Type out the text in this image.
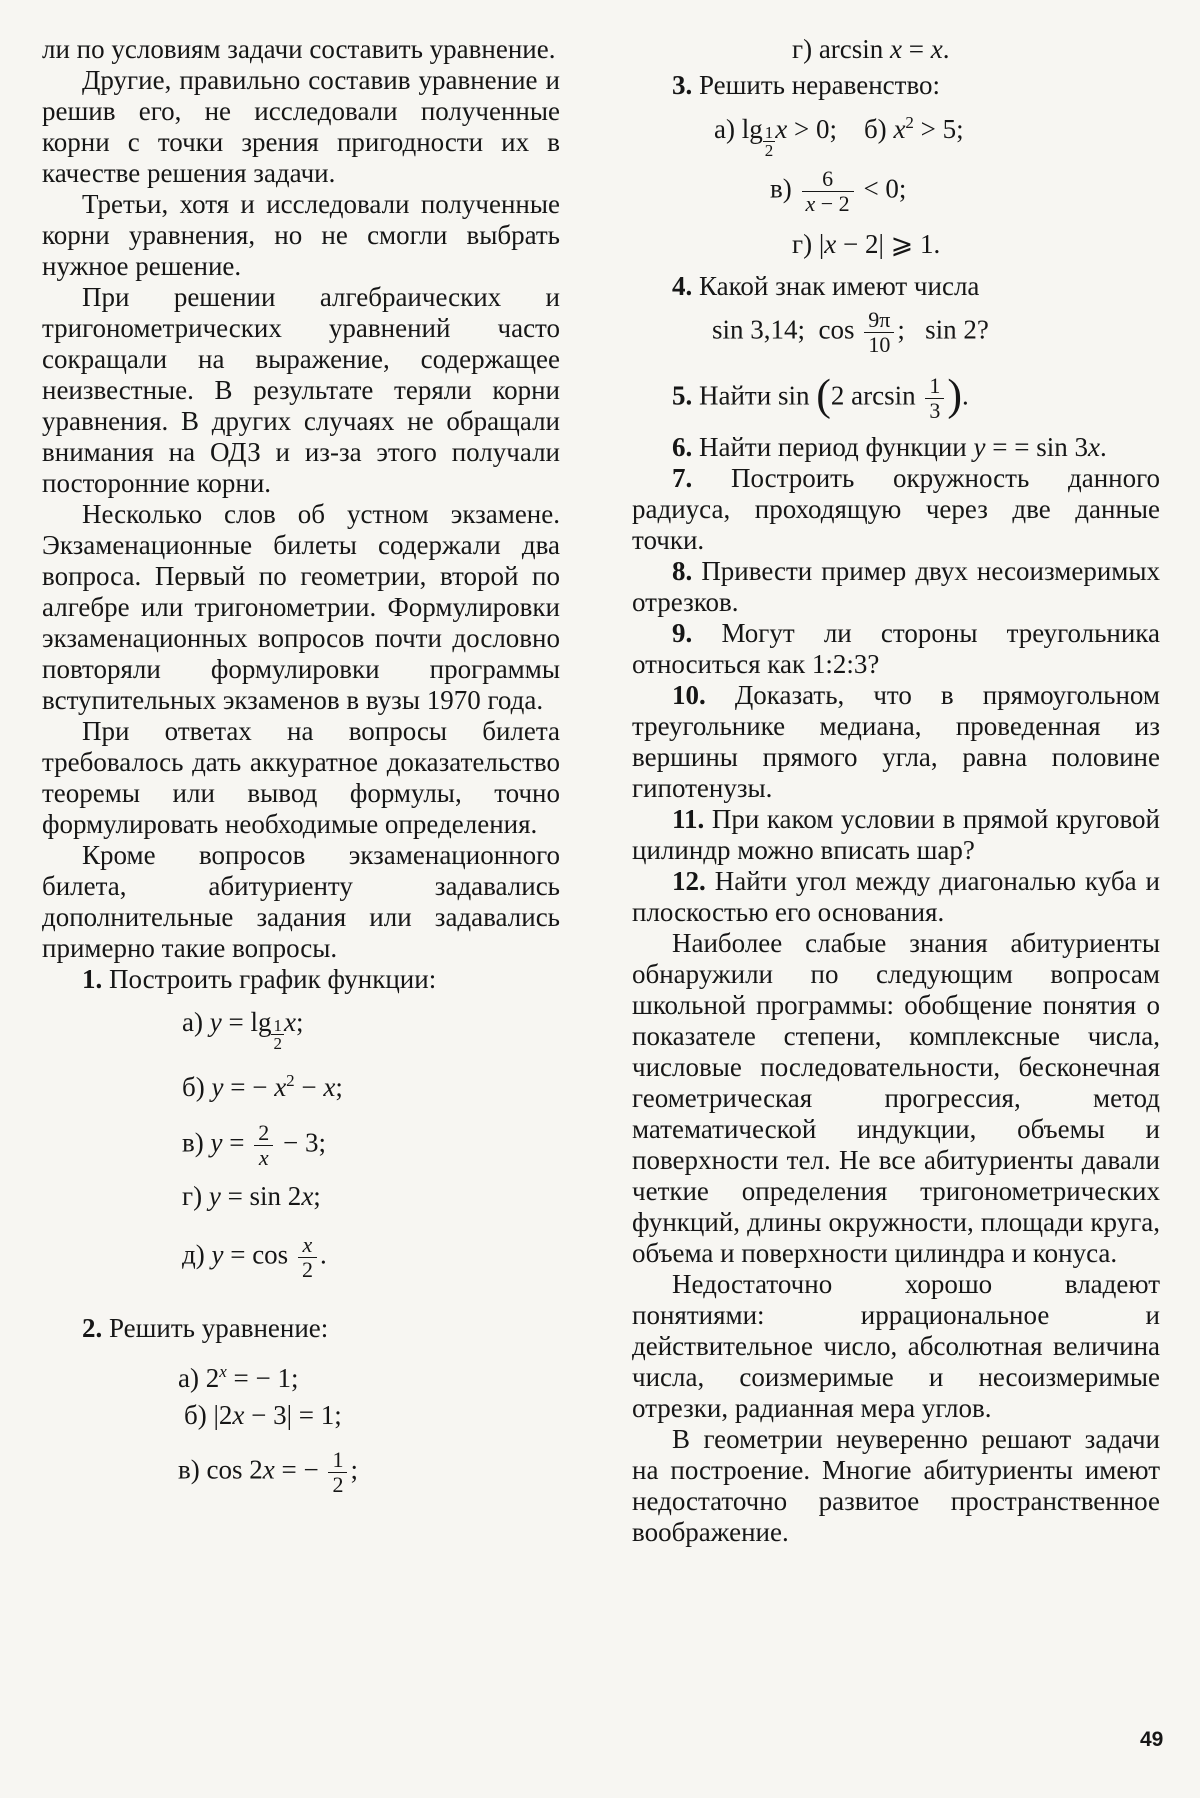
ли по условиям задачи составить уравнение.

Другие, правильно составив уравнение и решив его, не исследовали полученные корни с точки зрения пригодности их в качестве решения задачи.

Третьи, хотя и исследовали полученные корни уравнения, но не смогли выбрать нужное решение.

При решении алгебраических и тригонометрических уравнений часто сокращали на выражение, содержащее неизвестные. В результате теряли корни уравнения. В других случаях не обращали внимания на ОДЗ и из-за этого получали посторонние корни.

Несколько слов об устном экзамене. Экзаменационные билеты содержали два вопроса. Первый по геометрии, второй по алгебре или тригонометрии. Формулировки экзаменационных вопросов почти дословно повторяли формулировки программы вступительных экзаменов в вузы 1970 года.

При ответах на вопросы билета требовалось дать аккуратное доказательство теоремы или вывод формулы, точно формулировать необходимые определения.

Кроме вопросов экзаменационного билета, абитуриенту задавались дополнительные задания или задавались примерно такие вопросы.

1. Построить график функции:

а) $y = \lg \frac{1}{2} x$;
б) y = − $x^2 - x$;
в) $y = \frac{2}{x} - 3$;
г) y = sin 2x;
д) $y = \cos \frac{x}{2}$ .

2. Решить уравнение:

а) $2^x$ = − 1;
б) |2x − 3| = 1;
в) cos 2x = − $\frac{1}{2}$ ;
г) arcsin x = x.

3. Решить неравенство:

а) $\lg \frac{1}{2}$ x > 0;    б) $x^2 > 5$;
$в) \frac{6}{x - 2} < 0$;
г) |x − 2| ⩾ 1.

4. Какой знак имеют числа

sin 3,14;  $\cos \frac{9\pi}{10}$ ;   sin 2?

5. Найти sin (2 $\arcsin \frac{1}{3}$ ).

6. Найти период функции y = = sin 3x.

7. Построить окружность данного радиуса, проходящую через две данные точки.

8. Привести пример двух несоизмеримых отрезков.

9. Могут ли стороны треугольника относиться как 1:2:3?

10. Доказать, что в прямоугольном треугольнике медиана, проведенная из вершины прямого угла, равна половине гипотенузы.

11. При каком условии в прямой круговой цилиндр можно вписать шар?

12. Найти угол между диагональю куба и плоскостью его основания.

Наиболее слабые знания абитуриенты обнаружили по следующим вопросам школьной программы: обобщение понятия о показателе степени, комплексные числа, числовые последовательности, бесконечная геометрическая прогрессия, метод математической индукции, объемы и поверхности тел. Не все абитуриенты давали четкие определения тригонометрических функций, длины окружности, площади круга, объема и поверхности цилиндра и конуса.

Недостаточно хорошо владеют понятиями: иррациональное и действительное число, абсолютная величина числа, соизмеримые и несоизмеримые отрезки, радианная мера углов.

В геометрии неуверенно решают задачи на построение. Многие абитуриенты имеют недостаточно развитое пространственное воображение.

49
